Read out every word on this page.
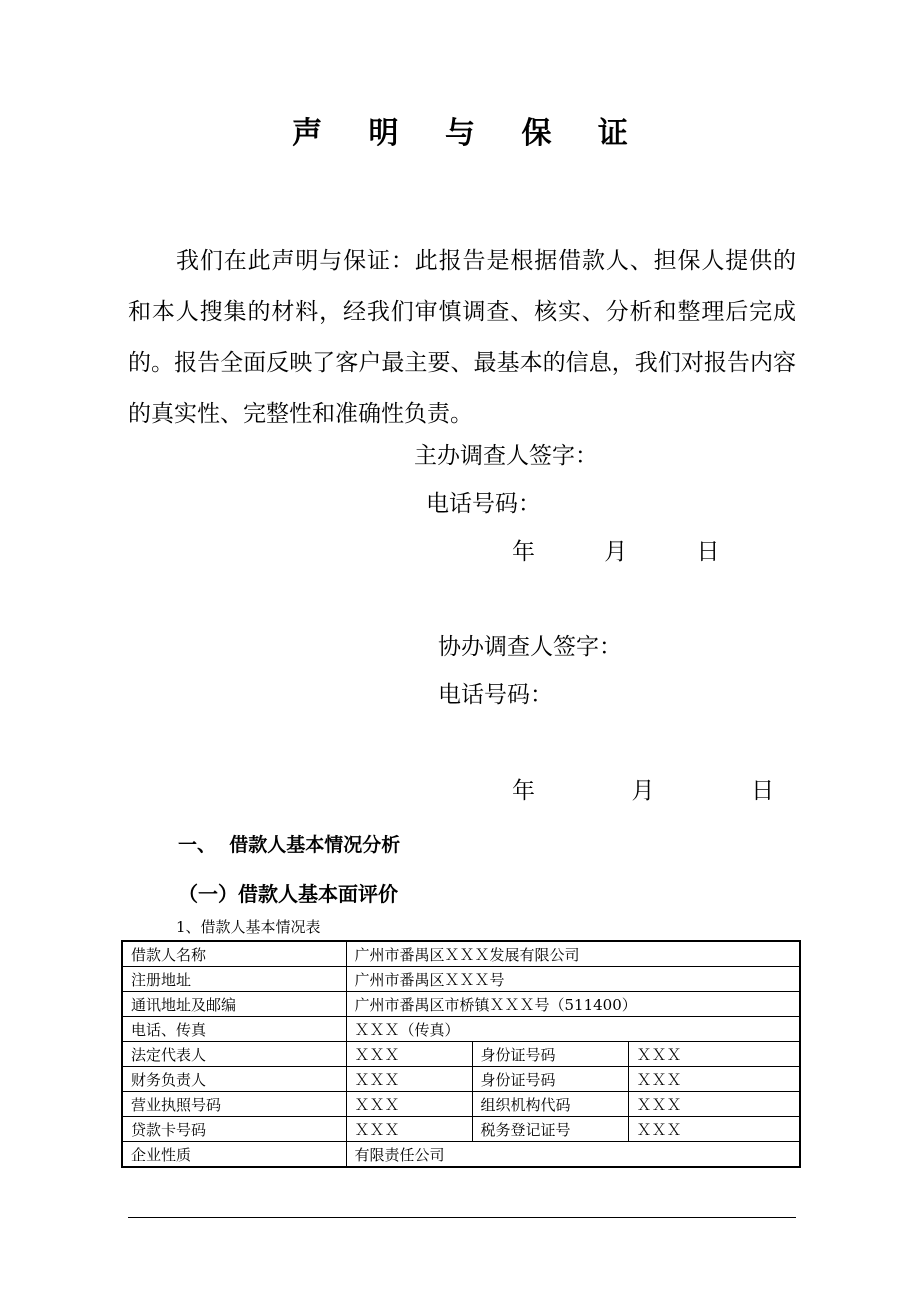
声 明 与 保 证
我们在此声明与保证：此报告是根据借款人、担保人提供的和本人搜集的材料，经我们审慎调查、核实、分析和整理后完成的。报告全面反映了客户最主要、最基本的信息，我们对报告内容的真实性、完整性和准确性负责。
主办调查人签字：
电话号码：
年    月    日
协办调查人签字：
电话号码：
年     月     日
一、  借款人基本情况分析
（一）借款人基本面评价
1、借款人基本情况表
借款人名称	广州市番禺区ＸＸＸ发展有限公司		
注册地址	广州市番禺区ＸＸＸ号		
通讯地址及邮编	广州市番禺区市桥镇ＸＸＸ号（511400）		
电话、传真	ＸＸＸ（传真）		
法定代表人	ＸＸＸ	身份证号码	ＸＸＸ
财务负责人	ＸＸＸ	身份证号码	ＸＸＸ
营业执照号码	ＸＸＸ	组织机构代码	ＸＸＸ
贷款卡号码	ＸＸＸ	税务登记证号	ＸＸＸ
企业性质	有限责任公司		
